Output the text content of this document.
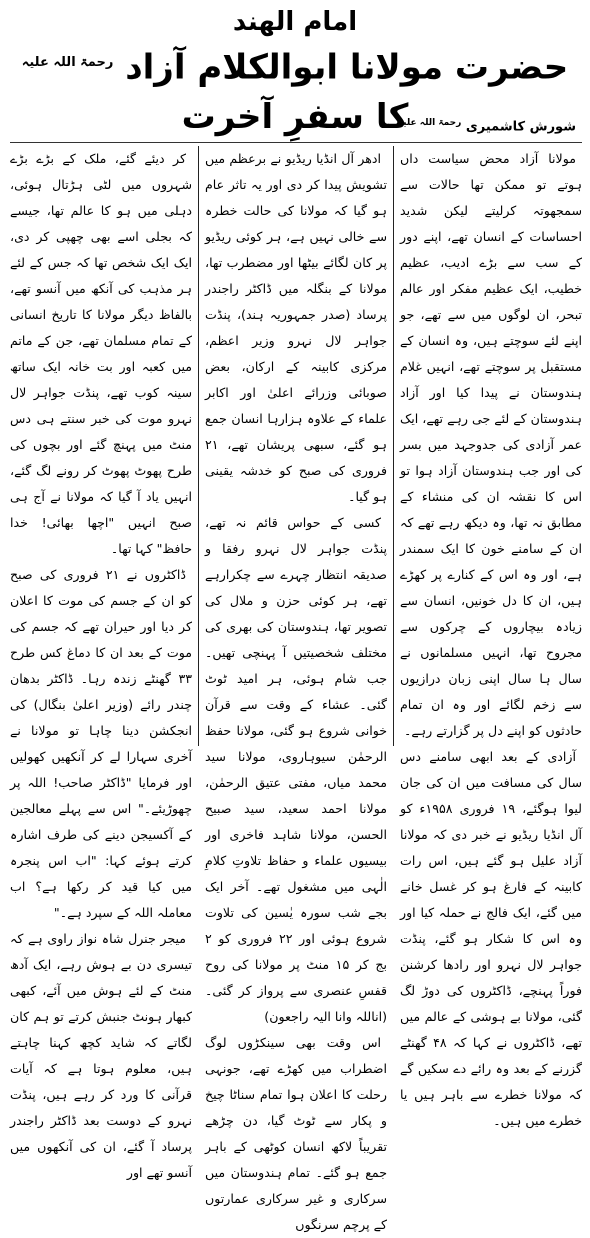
امام الهند
حضرت مولانا ابوالکلام آزاد $^{رحمۃ اللہ علیہ}$ کا سفرِ آخرت	شورش کاشمیری $^{رحمۃ اللہ علیہ}$

مولانا آزاد محض سیاست داں ہوتے تو ممکن تھا حالات سے سمجھوتہ کرلیتے لیکن شدید احساسات کے انسان تھے، اپنے دور کے سب سے بڑے ادیب، عظیم خطیب، ایک عظیم مفکر اور عالم تبحر، ان لوگوں میں سے تھے، جو اپنے لئے سوچتے ہیں، وہ انسان کے مستقبل پر سوچتے تھے، انہیں غلام ہندوستان نے پیدا کیا اور آزاد ہندوستان کے لئے جی رہے تھے، ایک عمر آزادی کی جدوجہد میں بسر کی اور جب ہندوستان آزاد ہوا تو اس کا نقشہ ان کی منشاء کے مطابق نہ تھا، وہ دیکھ رہے تھے کہ ان کے سامنے خون کا ایک سمندر ہے، اور وہ اس کے کنارے پر کھڑے ہیں، ان کا دل خونیں، انسان سے زیادہ بیچاروں کے چرکوں سے مجروح تھا، انہیں مسلمانوں نے سال ہا سال اپنی زبان درازیوں سے زخم لگائے اور وہ ان تمام حادثوں کو اپنے دل پر گزارتے رہے۔

آزادی کے بعد ابھی سامنے دس سال کی مسافت میں ان کی جان لیوا ہوگئے، ۱۹ فروری ۱۹۵۸ء کو آل انڈیا ریڈیو نے خبر دی کہ مولانا آزاد علیل ہو گئے ہیں، اس رات کابینہ کے فارغ ہو کر غسل خانے میں گئے، ایک فالج نے حملہ کیا اور وہ اس کا شکار ہو گئے، پنڈت جواہر لال نہرو اور رادھا کرشنن فوراً پہنچے، ڈاکٹروں کی دوڑ لگ گئی، مولانا بے ہوشی کے عالم میں تھے، ڈاکٹروں نے کہا کہ ۴۸ گھنٹے گزرنے کے بعد وہ رائے دے سکیں گے کہ مولانا خطرے سے باہر ہیں یا خطرے میں ہیں۔

ادھر آل انڈیا ریڈیو نے برعظم میں تشویش پیدا کر دی اور یہ تاثر عام ہو گیا کہ مولانا کی حالت خطرہ سے خالی نہیں ہے، ہر کوئی ریڈیو پر کان لگائے بیٹھا اور مضطرب تھا، مولانا کے بنگلہ میں ڈاکٹر راجندر پرساد (صدر جمہوریہ ہند)، پنڈت جواہر لال نہرو وزیر اعظم، مرکزی کابینہ کے ارکان، بعض صوبائی وزرائے اعلیٰ اور اکابر علماء کے علاوہ ہزارہا انسان جمع ہو گئے، سبھی پریشان تھے، ۲۱ فروری کی صبح کو خدشہ یقینی ہو گیا۔

کسی کے حواس قائم نہ تھے، پنڈت جواہر لال نہرو رفقا و صدیقہ انتظار چہرے سے چکرارہے تھے، ہر کوئی حزن و ملال کی تصویر تھا، ہندوستان کی بھری کی مختلف شخصیتیں آ پہنچی تھیں۔ جب شام ہوئی، ہر امید ٹوٹ گئی۔ عشاء کے وقت سے قرآن خوانی شروع ہو گئی، مولانا حفظ الرحمٰن سیوہاروی، مولانا سید محمد میاں، مفتی عتیق الرحمٰن، مولانا احمد سعید، سید صبیح الحسن، مولانا شاہد فاخری اور بیسیوں علماء و حفاظ تلاوتِ کلامِ الٰہی میں مشغول تھے۔ آخر ایک بجے شب سورہ یٰسین کی تلاوت شروع ہوئی اور ۲۲ فروری کو ۲ بج کر ۱۵ منٹ پر مولانا کی روح قفسِ عنصری سے پرواز کر گئی۔ (اناللہ وانا الیہ راجعون)

اس وقت بھی سینکڑوں لوگ اضطراب میں کھڑے تھے، جونہی رحلت کا اعلان ہوا تمام سناٹا چیخ و پکار سے ٹوٹ گیا، دن چڑھے تقریباً لاکھ انسان کوٹھی کے باہر جمع ہو گئے۔ تمام ہندوستان میں سرکاری و غیر سرکاری عمارتوں کے پرچم سرنگوں

کر دیئے گئے، ملک کے بڑے بڑے شہروں میں لٹی ہڑتال ہوئی، دہلی میں ہو کا عالم تھا، جیسے کہ بجلی اسے بھی چھپی کر دی، ایک ایک شخص تھا کہ جس کے لئے ہر مذہب کی آنکھ میں آنسو تھے، بالفاظ دیگر مولانا کا تاریخ انسانی کے تمام مسلمان تھے، جن کے ماتم میں کعبہ اور بت خانہ ایک ساتھ سینہ کوب تھے، پنڈت جواہر لال نہرو موت کی خبر سنتے ہی دس منٹ میں پہنچ گئے اور بچوں کی طرح پھوٹ پھوٹ کر رونے لگ گئے، انہیں یاد آ گیا کہ مولانا نے آج ہی صبح انہیں "اچھا بھائی! خدا حافظ" کہا تھا۔

ڈاکٹروں نے ۲۱ فروری کی صبح کو ان کے جسم کی موت کا اعلان کر دیا اور حیران تھے کہ جسم کی موت کے بعد ان کا دماغ کس طرح ۳۳ گھنٹے زندہ رہا۔ ڈاکٹر بدھان چندر رائے (وزیر اعلیٰ بنگال) کی انجکشن دینا چاہا تو مولانا نے آخری سہارا لے کر آنکھیں کھولیں اور فرمایا "ڈاکٹر صاحب! اللہ پر چھوڑیئے۔" اس سے پہلے معالجین کے آکسیجن دینے کی طرف اشارہ کرتے ہوئے کہا: "اب اس پنجرہ میں کیا قید کر رکھا ہے؟ اب معاملہ اللہ کے سپرد ہے۔"

میجر جنرل شاہ نواز راوی ہے کہ تیسری دن بے ہوش رہے، ایک آدھ منٹ کے لئے ہوش میں آئے، کبھی کبھار ہونٹ جنبش کرتے تو ہم کان لگاتے کہ شاید کچھ کہنا چاہتے ہیں، معلوم ہوتا ہے کہ آیات قرآنی کا ورد کر رہے ہیں، پنڈت نہرو کے دوست بعد ڈاکٹر راجندر پرساد آ گئے، ان کی آنکھوں میں آنسو تھے اور
